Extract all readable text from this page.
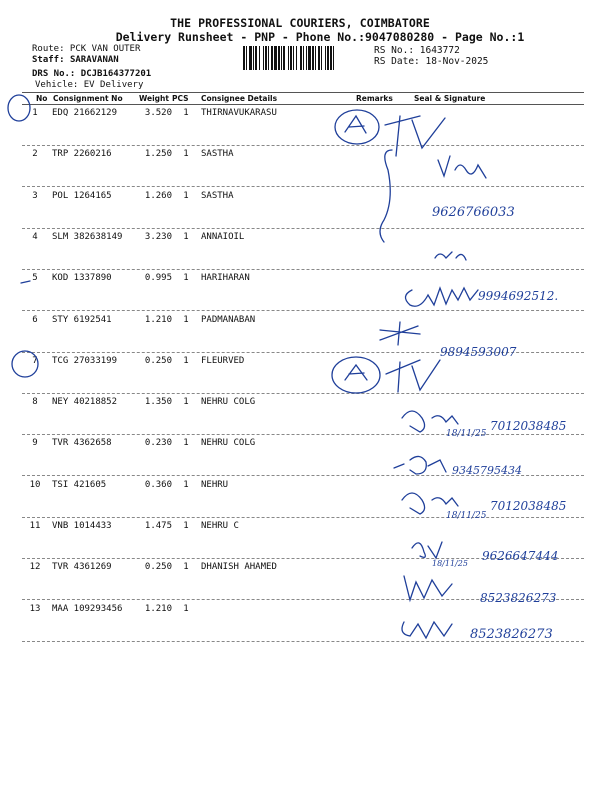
THE PROFESSIONAL COURIERS, COIMBATORE
Delivery Runsheet - PNP - Phone No.:9047080280 - Page No.:1
Route: PCK VAN OUTER
Staff: SARAVANAN
DRS No.: DCJB164377201
Vehicle: EV Delivery
RS No.: 1643772
RS Date: 18-Nov-2025
No Consignment No Weight PCS Consignee Details	Remarks	Seal & Signature
1	EDQ 21662129	3.520	1	THIRNAVUKARASU
2	TRP 2260216	1.250	1	SASTHA
3	POL 1264165	1.260	1	SASTHA
4	SLM 382638149	3.230	1	ANNAIOIL
5	KOD 1337890	0.995	1	HARIHARAN
6	STY 6192541	1.210	1	PADMANABAN
7	TCG 27033199	0.250	1	FLEURVED
8	NEY 40218852	1.350	1	NEHRU COLG
9	TVR 4362658	0.230	1	NEHRU COLG
10	TSI 421605	0.360	1	NEHRU
11	VNB 1014433	1.475	1	NEHRU C
12	TVR 4361269	0.250	1	DHANISH AHAMED
13	MAA 109293456	1.210	1
9626766033
9994692512.
9894593007
18/11/25
7012038485
9345795434
18/11/25
7012038485
18/11/25
9626647444
8523826273
8523826273
